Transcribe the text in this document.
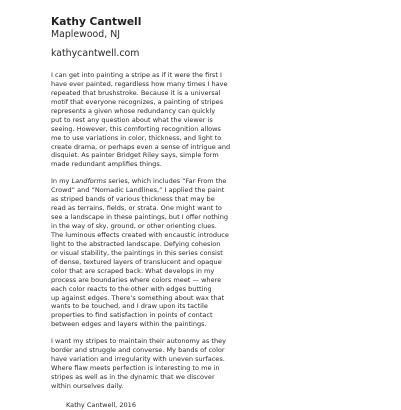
Kathy Cantwell
Maplewood, NJ
kathycantwell.com
I can get into painting a stripe as if it were the first I
have ever painted, regardless how many times I have
repeated that brushstroke. Because it is a universal
motif that everyone recognizes, a painting of stripes
represents a given whose redundancy can quickly
put to rest any question about what the viewer is
seeing. However, this comforting recognition allows
me to use variations in color, thickness, and light to
create drama, or perhaps even a sense of intrigue and
disquiet. As painter Bridget Riley says, simple form
made redundant amplifies things.
In my Landforms series, which includes “Far From the
Crowd” and “Nomadic Landlines,” I applied the paint
as striped bands of various thickness that may be
read as terrains, fields, or strata. One might want to
see a landscape in these paintings, but I offer nothing
in the way of sky, ground, or other orienting clues.
The luminous effects created with encaustic introduce
light to the abstracted landscape. Defying cohesion
or visual stability, the paintings in this series consist
of dense, textured layers of translucent and opaque
color that are scraped back. What develops in my
process are boundaries where colors meet — where
each color reacts to the other with edges butting
up against edges. There’s something about wax that
wants to be touched, and I draw upon its tactile
properties to find satisfaction in points of contact
between edges and layers within the paintings.
I want my stripes to maintain their autonomy as they
border and struggle and converse. My bands of color
have variation and irregularity with uneven surfaces.
Where flaw meets perfection is interesting to me in
stripes as well as in the dynamic that we discover
within ourselves daily.
Kathy Cantwell, 2016
